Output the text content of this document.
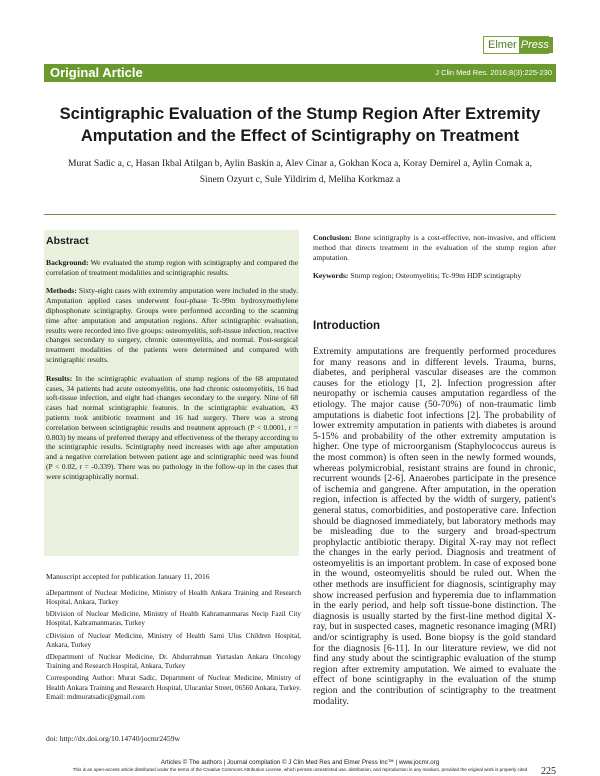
Elmer Press
Original Article	J Clin Med Res. 2016;8(3):225-230
Scintigraphic Evaluation of the Stump Region After Extremity Amputation and the Effect of Scintigraphy on Treatment
Murat Sadic a, c, Hasan Ikbal Atilgan b, Aylin Baskin a, Alev Cinar a, Gokhan Koca a, Koray Demirel a, Aylin Comak a, Sinem Ozyurt c, Sule Yildirim d, Meliha Korkmaz a
Abstract

Background: We evaluated the stump region with scintigraphy and compared the correlation of treatment modalities and scintigraphic results.

Methods: Sixty-eight cases with extremity amputation were included in the study. Amputation applied cases underwent four-phase Tc-99m hydroxymethylene diphosphonate scintigraphy. Groups were performed according to the scanning time after amputation and amputation regions. After scintigraphic evaluation, results were recorded into five groups: osteomyelitis, soft-tissue infection, reactive changes secondary to surgery, chronic osteomyelitis, and normal. Post-surgical treatment modalities of the patients were determined and compared with scintigraphic results.

Results: In the scintigraphic evaluation of stump regions of the 68 amputated cases, 34 patients had acute osteomyelitis, one had chronic osteomyelitis, 16 had soft-tissue infection, and eight had changes secondary to the surgery. Nine of 68 cases had normal scintigraphic features. In the scintigraphic evaluation, 43 patients took antibiotic treatment and 16 had surgery. There was a strong correlation between scintigraphic results and treatment approach (P < 0.0001, r = 0.803) by means of preferred therapy and effectiveness of the therapy according to the scintigraphic results. Scintigraphy need increases with age after amputation and a negative correlation between patient age and scintigraphic need was found (P < 0.02, r = -0.339). There was no pathology in the follow-up in the cases that were scintigraphically normal.

Conclusion: Bone scintigraphy is a cost-effective, non-invasive, and efficient method that directs treatment in the evaluation of the stump region after amputation.

Keywords: Stump region; Osteomyelitis; Tc-99m HDP scintigraphy

Introduction
Extremity amputations are frequently performed procedures for many reasons and in different levels. Trauma, burns, diabetes, and peripheral vascular diseases are the common causes for the etiology [1, 2]. Infection progression after neuropathy or ischemia causes amputation regardless of the etiology. The major cause (50-70%) of non-traumatic limb amputations is diabetic foot infections [2]. The probability of lower extremity amputation in patients with diabetes is around 5-15% and probability of the other extremity amputation is higher. One type of microorganism (Staphylococcus aureus is the most common) is often seen in the newly formed wounds, whereas polymicrobial, resistant strains are found in chronic, recurrent wounds [2-6]. Anaerobes participate in the presence of ischemia and gangrene. After amputation, in the operation region, infection is affected by the width of surgery, patient's general status, comorbidities, and postoperative care. Infection should be diagnosed immediately, but laboratory methods may be misleading due to the surgery and broad-spectrum prophylactic antibiotic therapy. Digital X-ray may not reflect the changes in the early period. Diagnosis and treatment of osteomyelitis is an important problem. In case of exposed bone in the wound, osteomyelitis should be ruled out. When the other methods are insufficient for diagnosis, scintigraphy may show increased perfusion and hyperemia due to inflammation in the early period, and help soft tissue-bone distinction. The diagnosis is usually started by the first-line method digital X-ray, but in suspected cases, magnetic resonance imaging (MRI) and/or scintigraphy is used. Bone biopsy is the gold standard for the diagnosis [6-11]. In our literature review, we did not find any study about the scintigraphic evaluation of the stump region after extremity amputation. We aimed to evaluate the effect of bone scintigraphy in the evaluation of the stump region and the contribution of scintigraphy to the treatment modality.

Manuscript accepted for publication January 11, 2016

aDepartment of Nuclear Medicine, Ministry of Health Ankara Training and Research Hospital, Ankara, Turkey
bDivision of Nuclear Medicine, Ministry of Health Kahramanmaras Necip Fazil City Hospital, Kahramanmaras, Turkey
cDivision of Nuclear Medicine, Ministry of Health Sami Ulus Children Hospital, Ankara, Turkey
dDepartment of Nuclear Medicine, Dr. Abdurrahman Yurtaslan Ankara Oncology Training and Research Hospital, Ankara, Turkey
Corresponding Author: Murat Sadic, Department of Nuclear Medicine, Ministry of Health Ankara Training and Research Hospital, Ulucanlar Street, 06560 Ankara, Turkey. Email: mdmuratsadic@gmail.com
doi: http://dx.doi.org/10.14740/jocmr2459w
Articles © The authors | Journal compilation © J Clin Med Res and Elmer Press Inc™ | www.jocmr.org
This is an open-access article distributed under the terms of the Creative Commons Attribution License, which permits unrestricted use, distribution, and reproduction in any medium, provided the original work is properly cited	225
